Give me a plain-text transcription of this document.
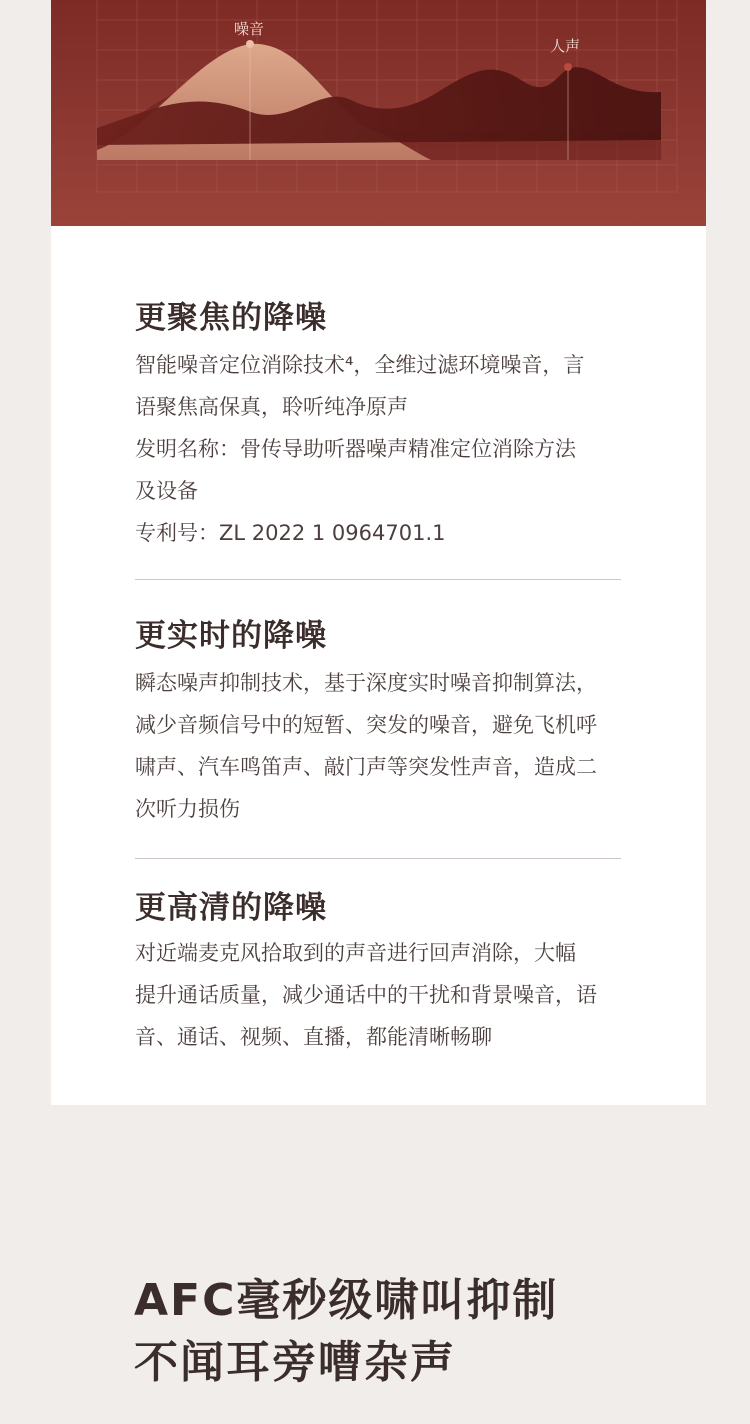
噪音
人声
更聚焦的降噪

智能噪音定位消除技术⁴，全维过滤环境噪音，言

语聚焦高保真，聆听纯净原声

发明名称：骨传导助听器噪声精准定位消除方法

及设备

专利号：ZL 2022 1 0964701.1

更实时的降噪

瞬态噪声抑制技术，基于深度实时噪音抑制算法，

减少音频信号中的短暂、突发的噪音，避免飞机呼

啸声、汽车鸣笛声、敲门声等突发性声音，造成二

次听力损伤

更高清的降噪

对近端麦克风拾取到的声音进行回声消除，大幅

提升通话质量，减少通话中的干扰和背景噪音，语

音、通话、视频、直播，都能清晰畅聊

AFC毫秒级啸叫抑制
不闻耳旁嘈杂声
